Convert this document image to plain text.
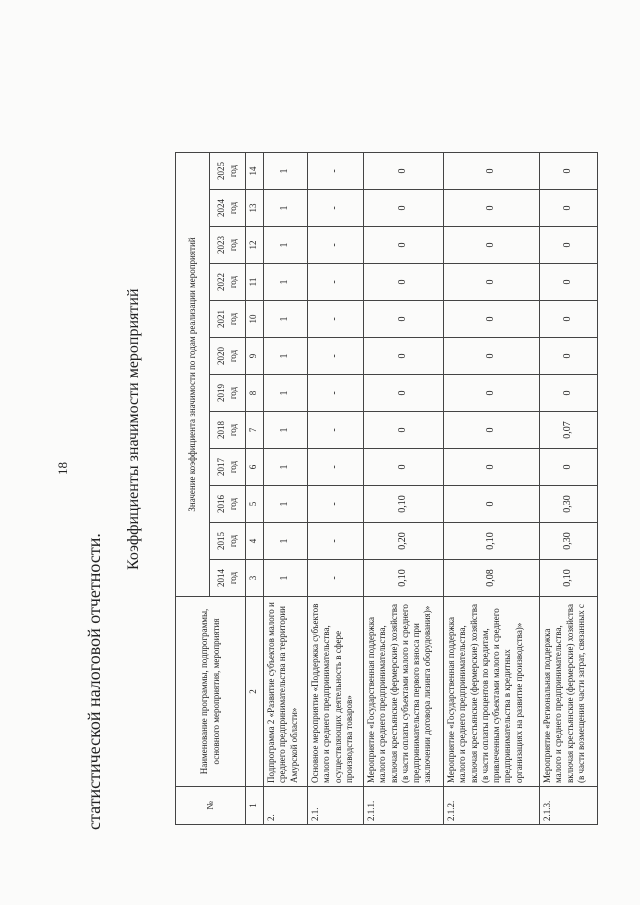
18
статистической налоговой отчетности.
Коэффициенты значимости мероприятий
№	Наименование программы, подпрограммы, основного мероприятия, мероприятия	Значение коэффициента значимости по годам реализации мероприятий											
		2014 год	2015 год	2016 год	2017 год	2018 год	2019 год	2020 год	2021 год	2022 год	2023 год	2024 год	2025 год
1	2	3	4	5	6	7	8	9	10	11	12	13	14
2.	Подпрограмма 2 «Развитие субъектов малого и среднего предпринимательства на территории Амурской области»	1	1	1	1	1	1	1	1	1	1	1	1
2.1.	Основное мероприятие «Поддержка субъектов малого и среднего предпринимательства, осуществляющих деятельность в сфере производства товаров»	-	-	-	-	-	-	-	-	-	-	-	-
2.1.1.	Мероприятие «Государственная поддержка малого и среднего предпринимательства, включая крестьянские (фермерские) хозяйства (в части оплаты субъектами малого и среднего предпринимательства первого взноса при заключении договора лизинга оборудования)»	0,10	0,20	0,10	0	0	0	0	0	0	0	0	0
2.1.2.	Мероприятие «Государственная поддержка малого и среднего предпринимательства, включая крестьянские (фермерские) хозяйства (в части оплаты процентов по кредитам, привлеченным субъектами малого и среднего предпринимательства в кредитных организациях на развитие производства)»	0,08	0,10	0	0	0	0	0	0	0	0	0	0
2.1.3.	Мероприятие «Региональная поддержка малого и среднего предпринимательства, включая крестьянские (фермерские) хозяйства (в части возмещения части затрат, связанных с	0,10	0,30	0,30	0	0,07	0	0	0	0	0	0	0
